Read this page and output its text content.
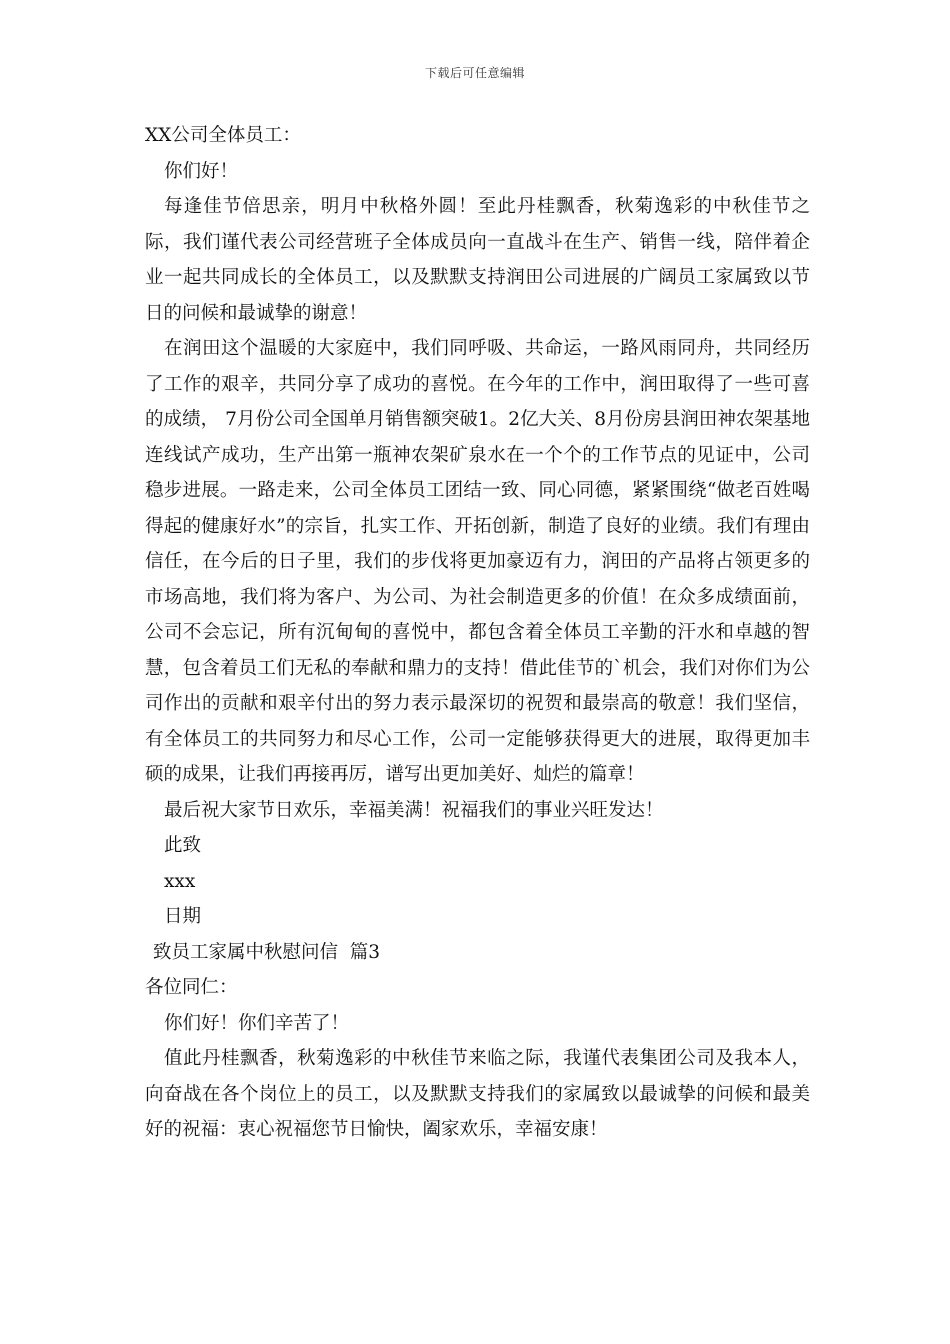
下载后可任意编辑

XX公司全体员工：

你们好！

每逢佳节倍思亲，明月中秋格外圆！至此丹桂飘香，秋菊逸彩的中秋佳节之际，我们谨代表公司经营班子全体成员向一直战斗在生产、销售一线，陪伴着企业一起共同成长的全体员工，以及默默支持润田公司进展的广阔员工家属致以节日的问候和最诚挚的谢意！

在润田这个温暖的大家庭中，我们同呼吸、共命运，一路风雨同舟，共同经历了工作的艰辛，共同分享了成功的喜悦。在今年的工作中，润田取得了一些可喜的成绩， 7月份公司全国单月销售额突破1。2亿大关、8月份房县润田神农架基地连线试产成功，生产出第一瓶神农架矿泉水在一个个的工作节点的见证中，公司稳步进展。一路走来，公司全体员工团结一致、同心同德，紧紧围绕“做老百姓喝得起的健康好水”的宗旨，扎实工作、开拓创新，制造了良好的业绩。我们有理由信任，在今后的日子里，我们的步伐将更加豪迈有力，润田的产品将占领更多的市场高地，我们将为客户、为公司、为社会制造更多的价值！在众多成绩面前，公司不会忘记，所有沉甸甸的喜悦中，都包含着全体员工辛勤的汗水和卓越的智慧，包含着员工们无私的奉献和鼎力的支持！借此佳节的`机会，我们对你们为公司作出的贡献和艰辛付出的努力表示最深切的祝贺和最崇高的敬意！我们坚信，有全体员工的共同努力和尽心工作，公司一定能够获得更大的进展，取得更加丰硕的成果，让我们再接再厉，谱写出更加美好、灿烂的篇章！

最后祝大家节日欢乐，幸福美满！祝福我们的事业兴旺发达！

此致

xxx

日期

致员工家属中秋慰问信  篇3

各位同仁：

你们好！你们辛苦了！

值此丹桂飘香，秋菊逸彩的中秋佳节来临之际，我谨代表集团公司及我本人，向奋战在各个岗位上的员工，以及默默支持我们的家属致以最诚挚的问候和最美好的祝福：衷心祝福您节日愉快，阖家欢乐，幸福安康！
